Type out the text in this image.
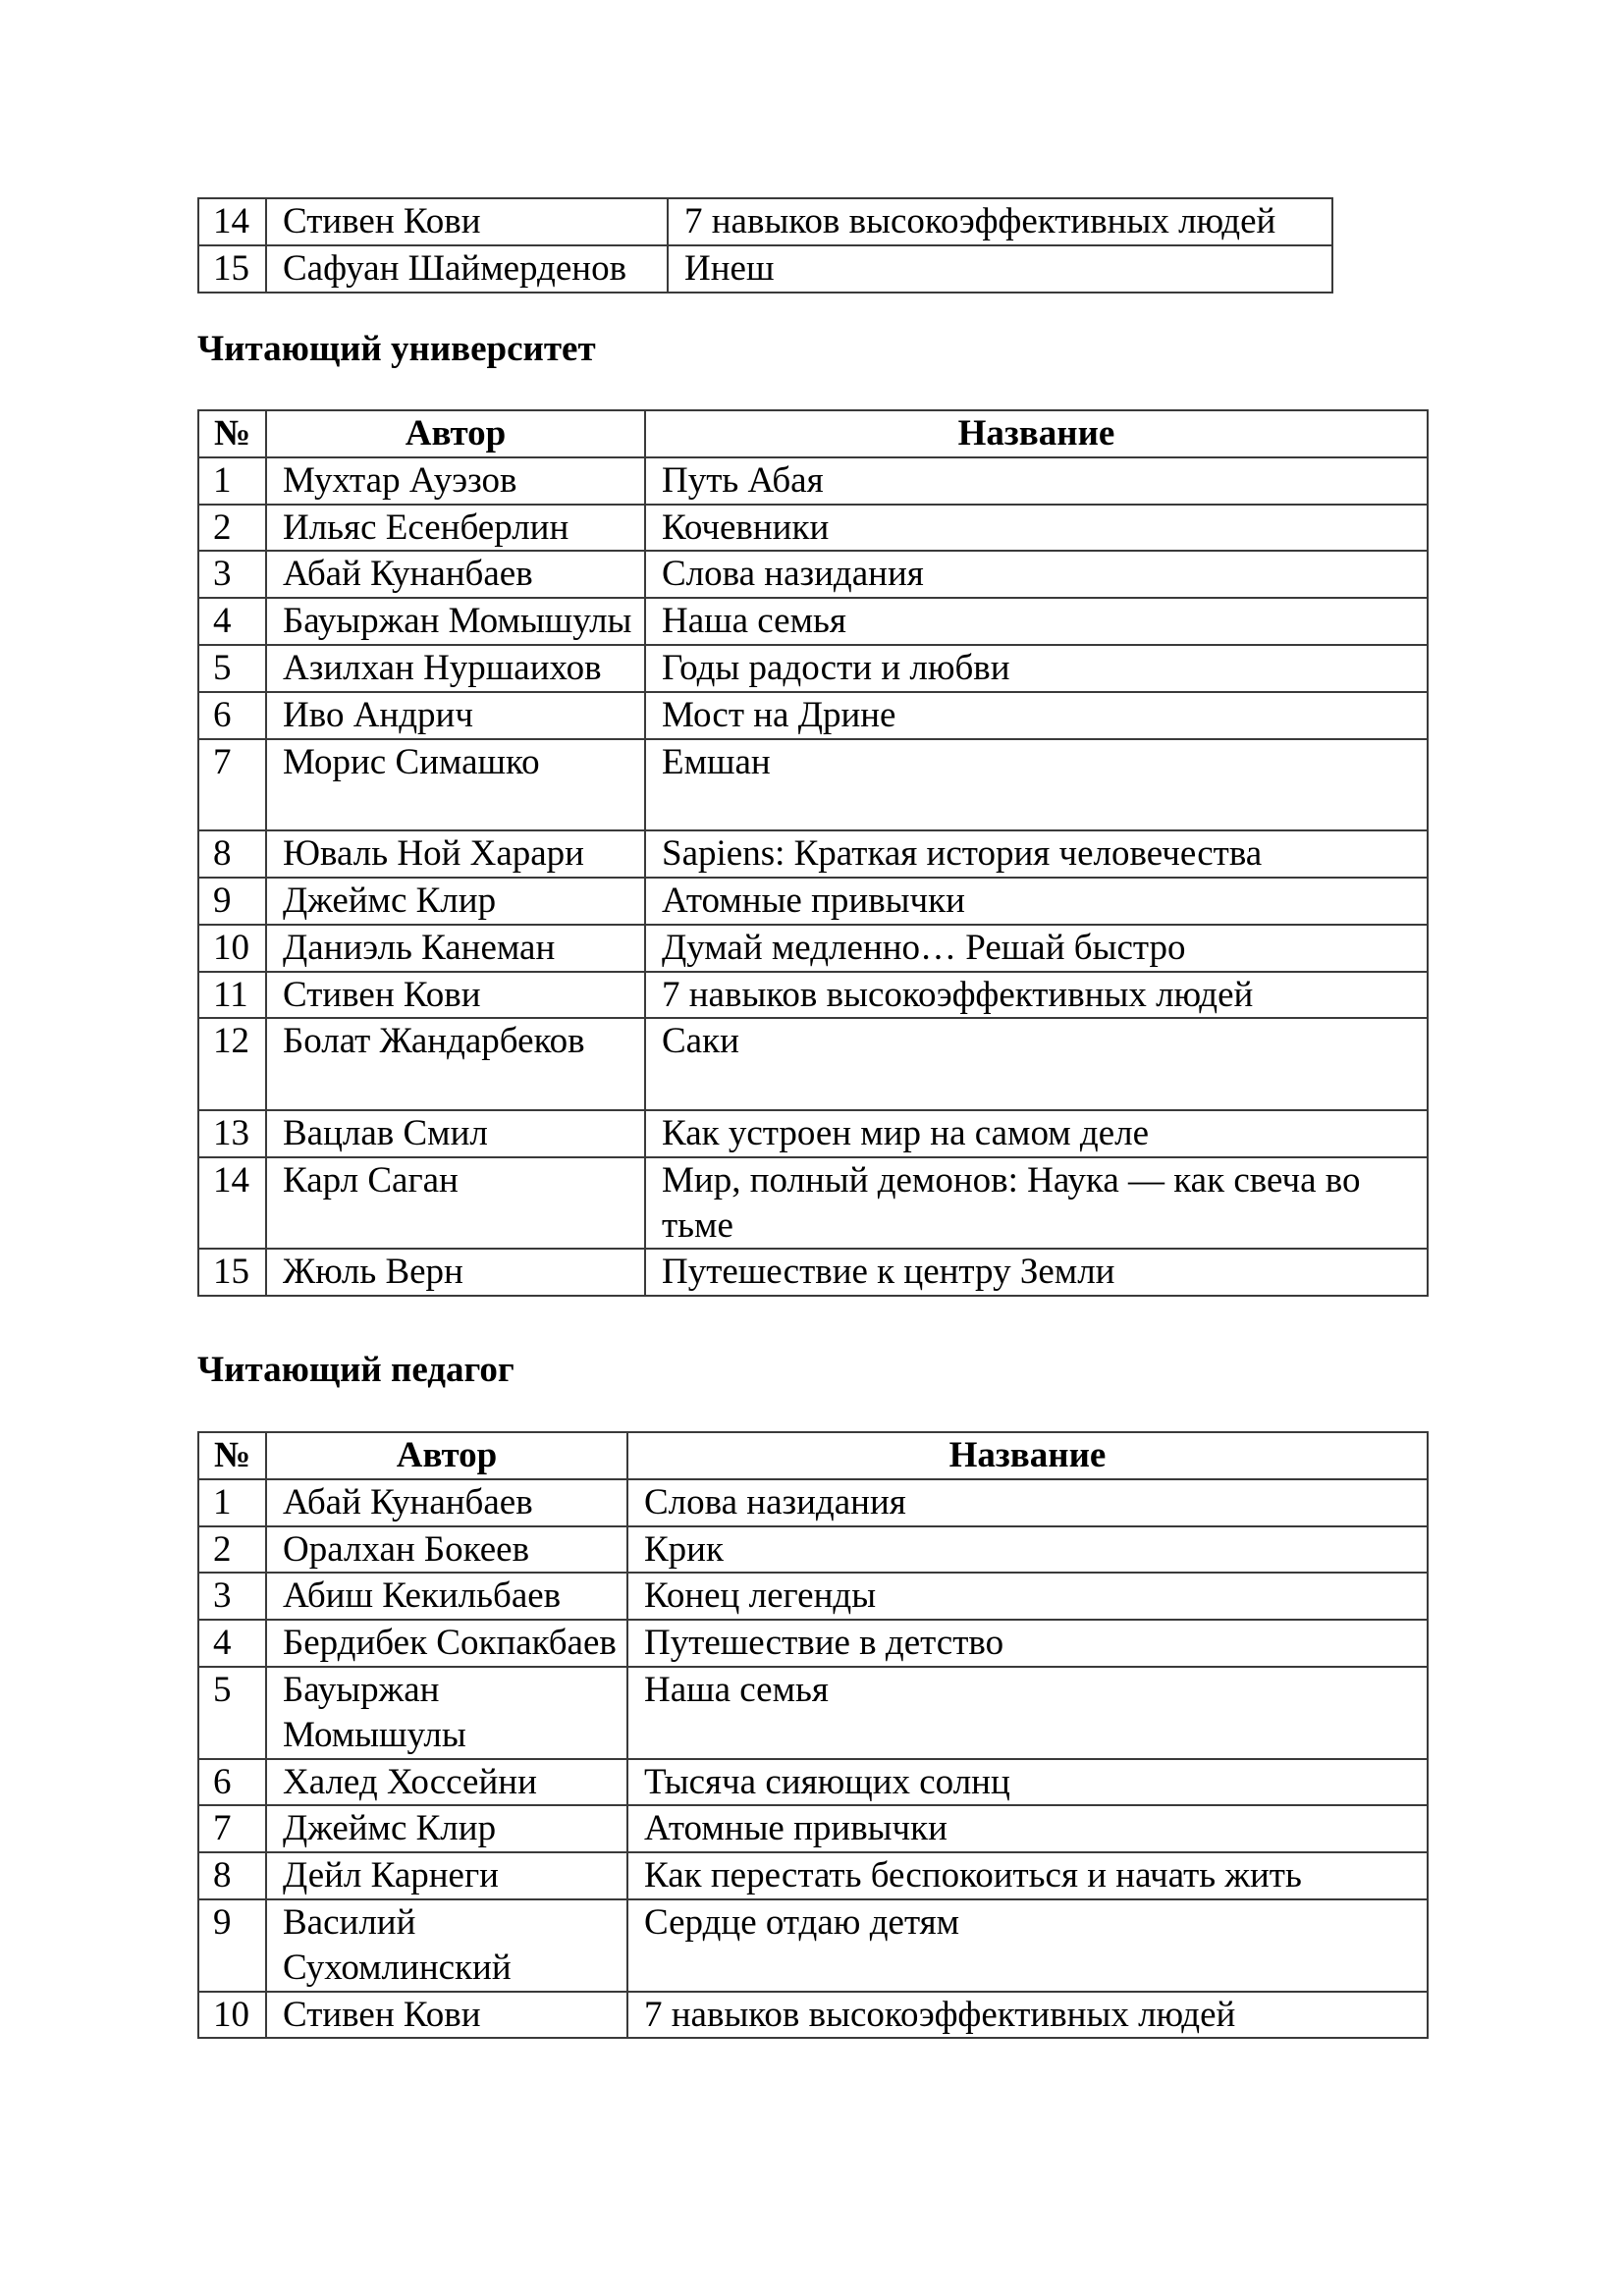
14	Стивен Кови	7 навыков высокоэффективных людей
15	Сафуан Шаймерденов	Инеш
Читающий университет
№	Автор	Название
1	Мухтар Ауэзов	Путь Абая
2	Ильяс Есенберлин	Кочевники
3	Абай Кунанбаев	Слова назидания
4	Бауыржан Момышулы	Наша семья
5	Азилхан Нуршаихов	Годы радости и любви
6	Иво Андрич	Мост на Дрине
7	Морис Симашко	Емшан
8	Юваль Ной Харари	Sapiens: Краткая история человечества
9	Джеймс Клир	Атомные привычки
10	Даниэль Канеман	Думай медленно… Решай быстро
11	Стивен Кови	7 навыков высокоэффективных людей
12	Болат Жандарбеков	Саки
13	Вацлав Смил	Как устроен мир на самом деле
14	Карл Саган	Мир, полный демонов: Наука — как свеча во тьме
15	Жюль Верн	Путешествие к центру Земли
Читающий педагог
№	Автор	Название
1	Абай Кунанбаев	Слова назидания
2	Оралхан Бокеев	Крик
3	Абиш Кекильбаев	Конец легенды
4	Бердибек Сокпакбаев	Путешествие в детство
5	Бауыржан Момышулы	Наша семья
6	Халед Хоссейни	Тысяча сияющих солнц
7	Джеймс Клир	Атомные привычки
8	Дейл Карнеги	Как перестать беспокоиться и начать жить
9	Василий Сухомлинский	Сердце отдаю детям
10	Стивен Кови	7 навыков высокоэффективных людей
